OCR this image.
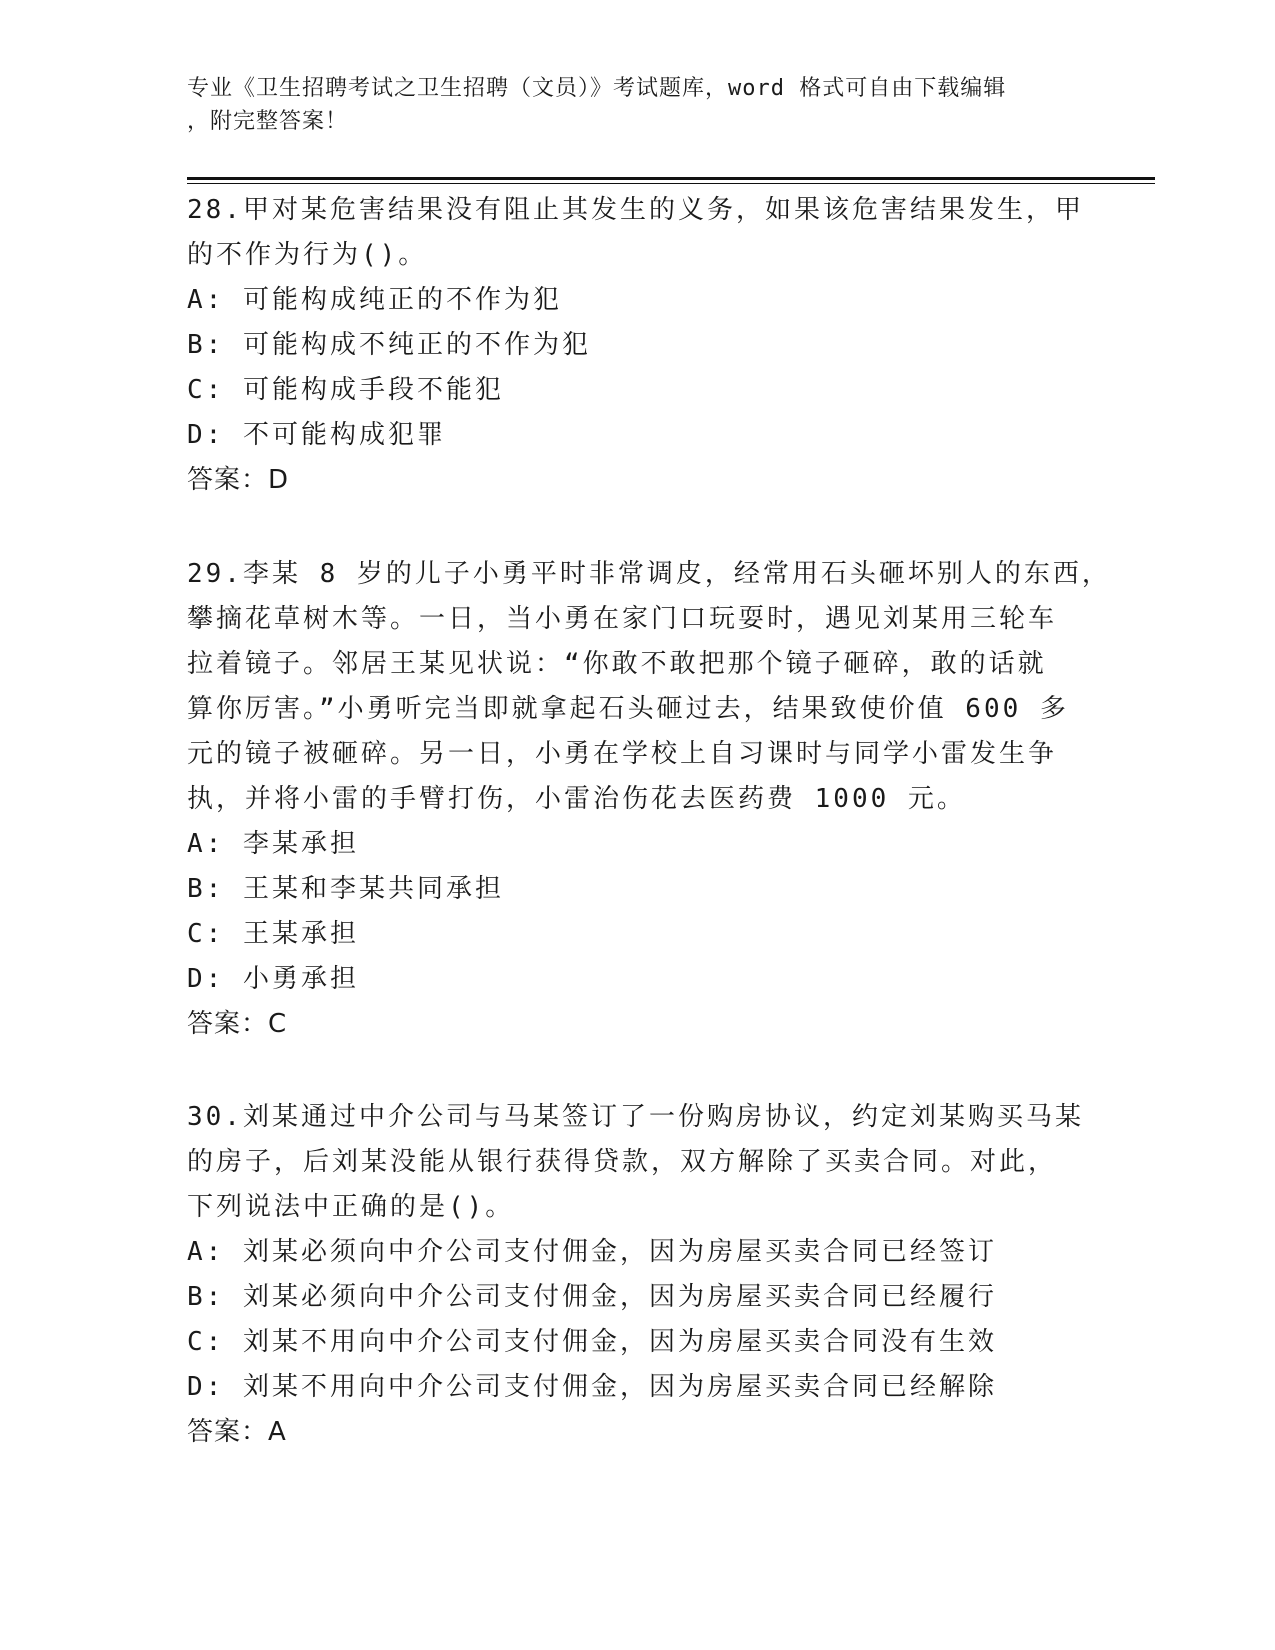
专业《卫生招聘考试之卫生招聘（文员）》考试题库，word 格式可自由下载编辑
，附完整答案！
28.甲对某危害结果没有阻止其发生的义务，如果该危害结果发生，甲
的不作为行为()。
A: 可能构成纯正的不作为犯
B: 可能构成不纯正的不作为犯
C: 可能构成手段不能犯
D: 不可能构成犯罪
答案：D
29.李某 8 岁的儿子小勇平时非常调皮，经常用石头砸坏别人的东西，
攀摘花草树木等。一日，当小勇在家门口玩耍时，遇见刘某用三轮车
拉着镜子。邻居王某见状说：“你敢不敢把那个镜子砸碎，敢的话就
算你厉害。”小勇听完当即就拿起石头砸过去，结果致使价值 600 多
元的镜子被砸碎。另一日，小勇在学校上自习课时与同学小雷发生争
执，并将小雷的手臂打伤，小雷治伤花去医药费 1000 元。
A: 李某承担
B: 王某和李某共同承担
C: 王某承担
D: 小勇承担
答案：C
30.刘某通过中介公司与马某签订了一份购房协议，约定刘某购买马某
的房子，后刘某没能从银行获得贷款，双方解除了买卖合同。对此，
下列说法中正确的是()。
A: 刘某必须向中介公司支付佣金，因为房屋买卖合同已经签订
B: 刘某必须向中介公司支付佣金，因为房屋买卖合同已经履行
C: 刘某不用向中介公司支付佣金，因为房屋买卖合同没有生效
D: 刘某不用向中介公司支付佣金，因为房屋买卖合同已经解除
答案：A
